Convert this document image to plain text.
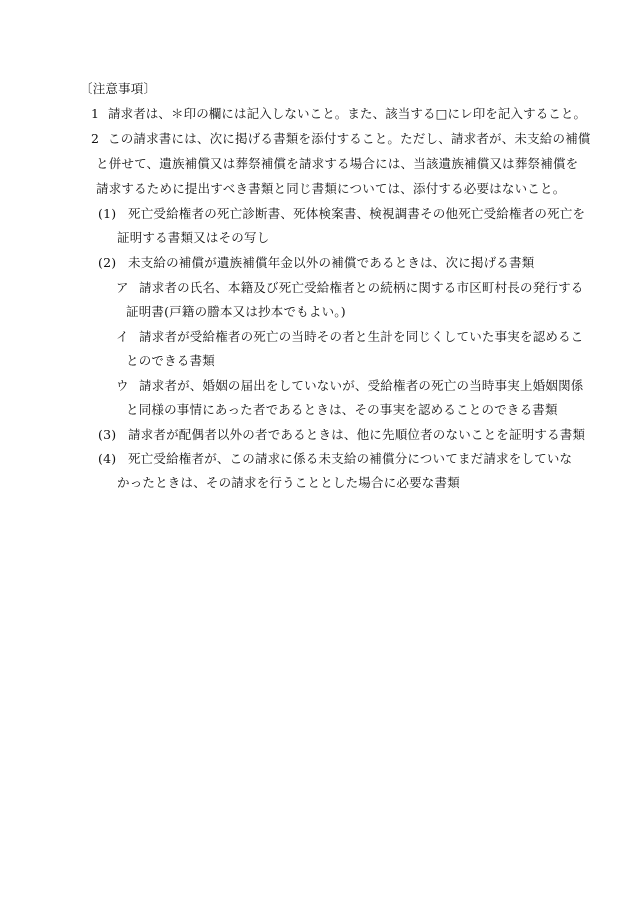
〔注意事項〕
1 請求者は、＊印の欄には記入しないこと。また、該当する□にレ印を記入すること。
2 この請求書には、次に掲げる書類を添付すること。ただし、請求者が、未支給の補償
と併せて、遺族補償又は葬祭補償を請求する場合には、当該遺族補償又は葬祭補償を
請求するために提出すべき書類と同じ書類については、添付する必要はないこと。
(1) 死亡受給権者の死亡診断書、死体検案書、検視調書その他死亡受給権者の死亡を
証明する書類又はその写し
(2) 未支給の補償が遺族補償年金以外の補償であるときは、次に掲げる書類
ア 請求者の氏名、本籍及び死亡受給権者との続柄に関する市区町村長の発行する
証明書(戸籍の謄本又は抄本でもよい。)
イ 請求者が受給権者の死亡の当時その者と生計を同じくしていた事実を認めるこ
とのできる書類
ウ 請求者が、婚姻の届出をしていないが、受給権者の死亡の当時事実上婚姻関係
と同様の事情にあった者であるときは、その事実を認めることのできる書類
(3) 請求者が配偶者以外の者であるときは、他に先順位者のないことを証明する書類
(4) 死亡受給権者が、この請求に係る未支給の補償分についてまだ請求をしていな
かったときは、その請求を行うこととした場合に必要な書類
